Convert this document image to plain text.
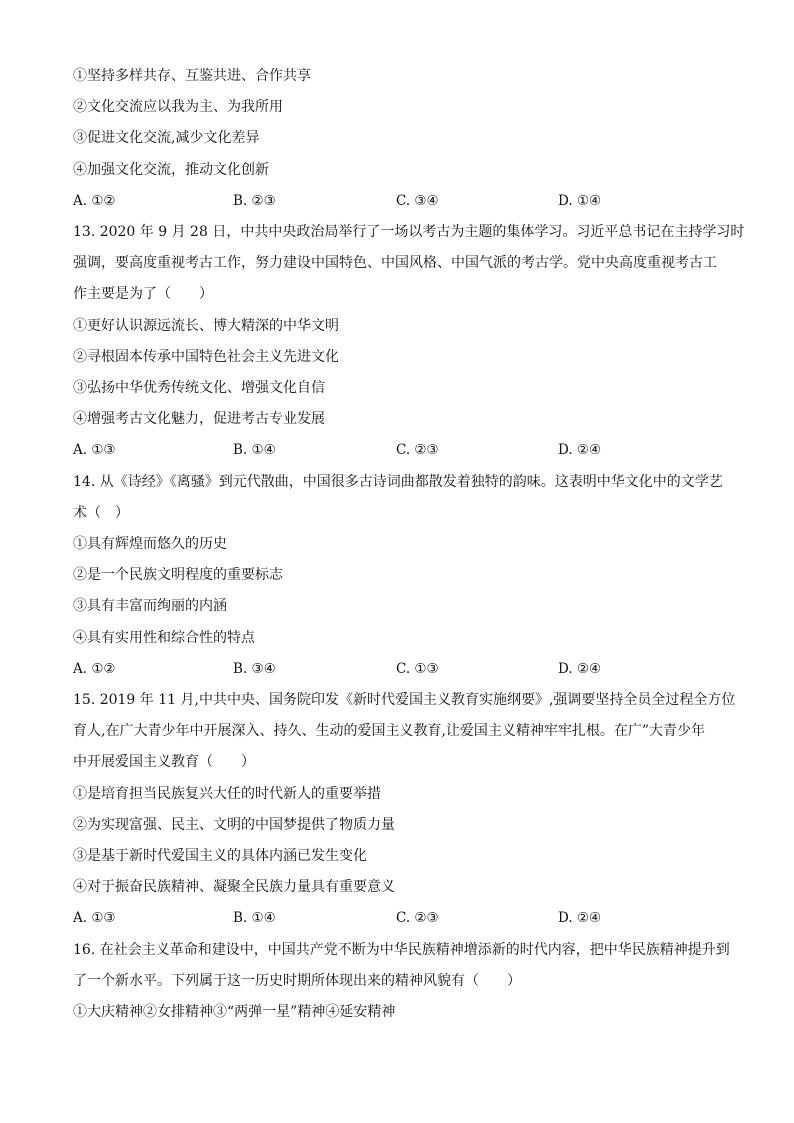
①坚持多样共存、互鉴共进、合作共享
②文化交流应以我为主、为我所用
③促进文化交流,减少文化差异
④加强文化交流，推动文化创新
A. ①②	B. ②③	C. ③④	D. ①④
13. 2020 年 9 月 28 日，中共中央政治局举行了一场以考古为主题的集体学习。习近平总书记在主持学习时
强调，要高度重视考古工作，努力建设中国特色、中国风格、中国气派的考古学。党中央高度重视考古工
作主要是为了（　　）
①更好认识源远流长、博大精深的中华文明
②寻根固本传承中国特色社会主义先进文化
③弘扬中华优秀传统文化、增强文化自信
④增强考古文化魅力，促进考古专业发展
A. ①③	B. ①④	C. ②③	D. ②④
14. 从《诗经》《离骚》到元代散曲，中国很多古诗词曲都散发着独特的韵味。这表明中华文化中的文学艺
术（　）
①具有辉煌而悠久的历史
②是一个民族文明程度的重要标志
③具有丰富而绚丽的内涵
④具有实用性和综合性的特点
A. ①②	B. ③④	C. ①③	D. ②④
15. 2019 年 11 月,中共中央、国务院印发《新时代爱国主义教育实施纲要》,强调要坚持全员全过程全方位
育人,在广大青少年中开展深入、持久、生动的爱国主义教育,让爱国主义精神牢牢扎根。在广”大青少年
中开展爱国主义教育（　　）
①是培育担当民族复兴大任的时代新人的重要举措
②为实现富强、民主、文明的中国梦提供了物质力量
③是基于新时代爱国主义的具体内涵已发生变化
④对于振奋民族精神、凝聚全民族力量具有重要意义
A. ①③	B. ①④	C. ②③	D. ②④
16. 在社会主义革命和建设中，中国共产党不断为中华民族精神增添新的时代内容，把中华民族精神提升到
了一个新水平。下列属于这一历史时期所体现出来的精神风貌有（　　）
①大庆精神②女排精神③“两弹一星”精神④延安精神
